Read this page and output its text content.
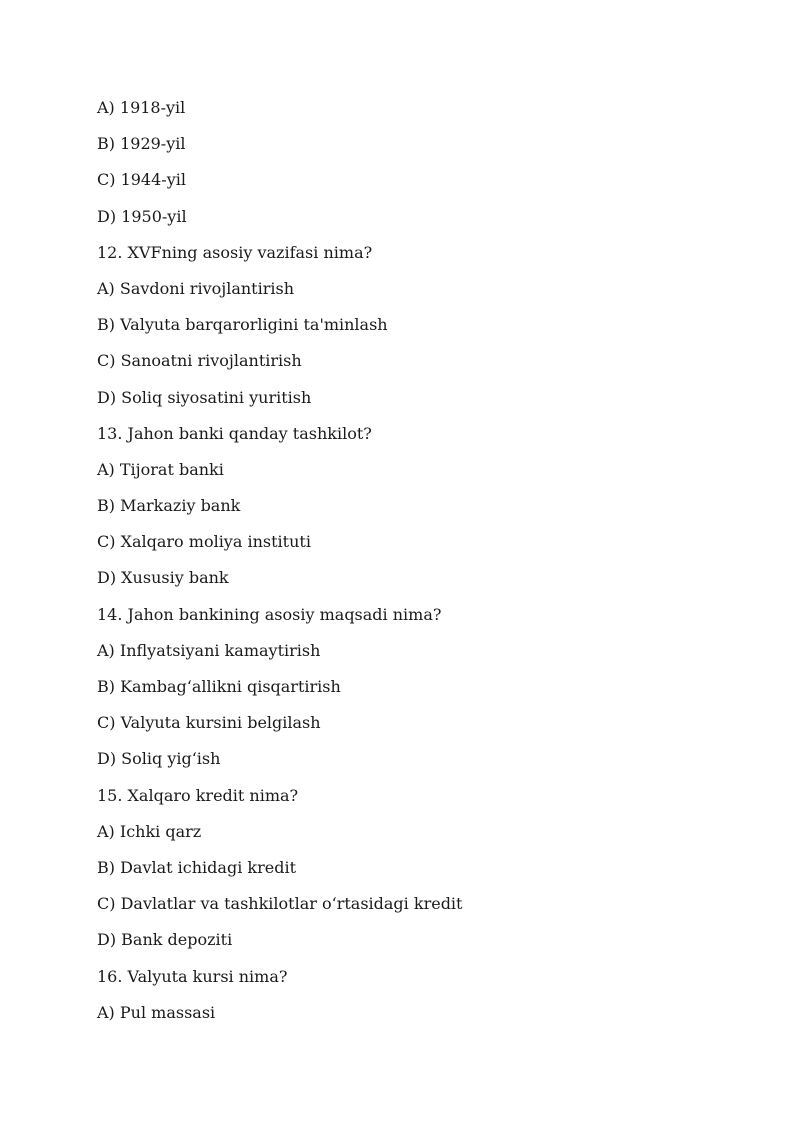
A) 1918-yil
B) 1929-yil
C) 1944-yil
D) 1950-yil
12. XVFning asosiy vazifasi nima?
A) Savdoni rivojlantirish
B) Valyuta barqarorligini ta'minlash
C) Sanoatni rivojlantirish
D) Soliq siyosatini yuritish
13. Jahon banki qanday tashkilot?
A) Tijorat banki
B) Markaziy bank
C) Xalqaro moliya instituti
D) Xususiy bank
14. Jahon bankining asosiy maqsadi nima?
A) Inflyatsiyani kamaytirish
B) Kambag‘allikni qisqartirish
C) Valyuta kursini belgilash
D) Soliq yig‘ish
15. Xalqaro kredit nima?
A) Ichki qarz
B) Davlat ichidagi kredit
C) Davlatlar va tashkilotlar o‘rtasidagi kredit
D) Bank depoziti
16. Valyuta kursi nima?
A) Pul massasi
